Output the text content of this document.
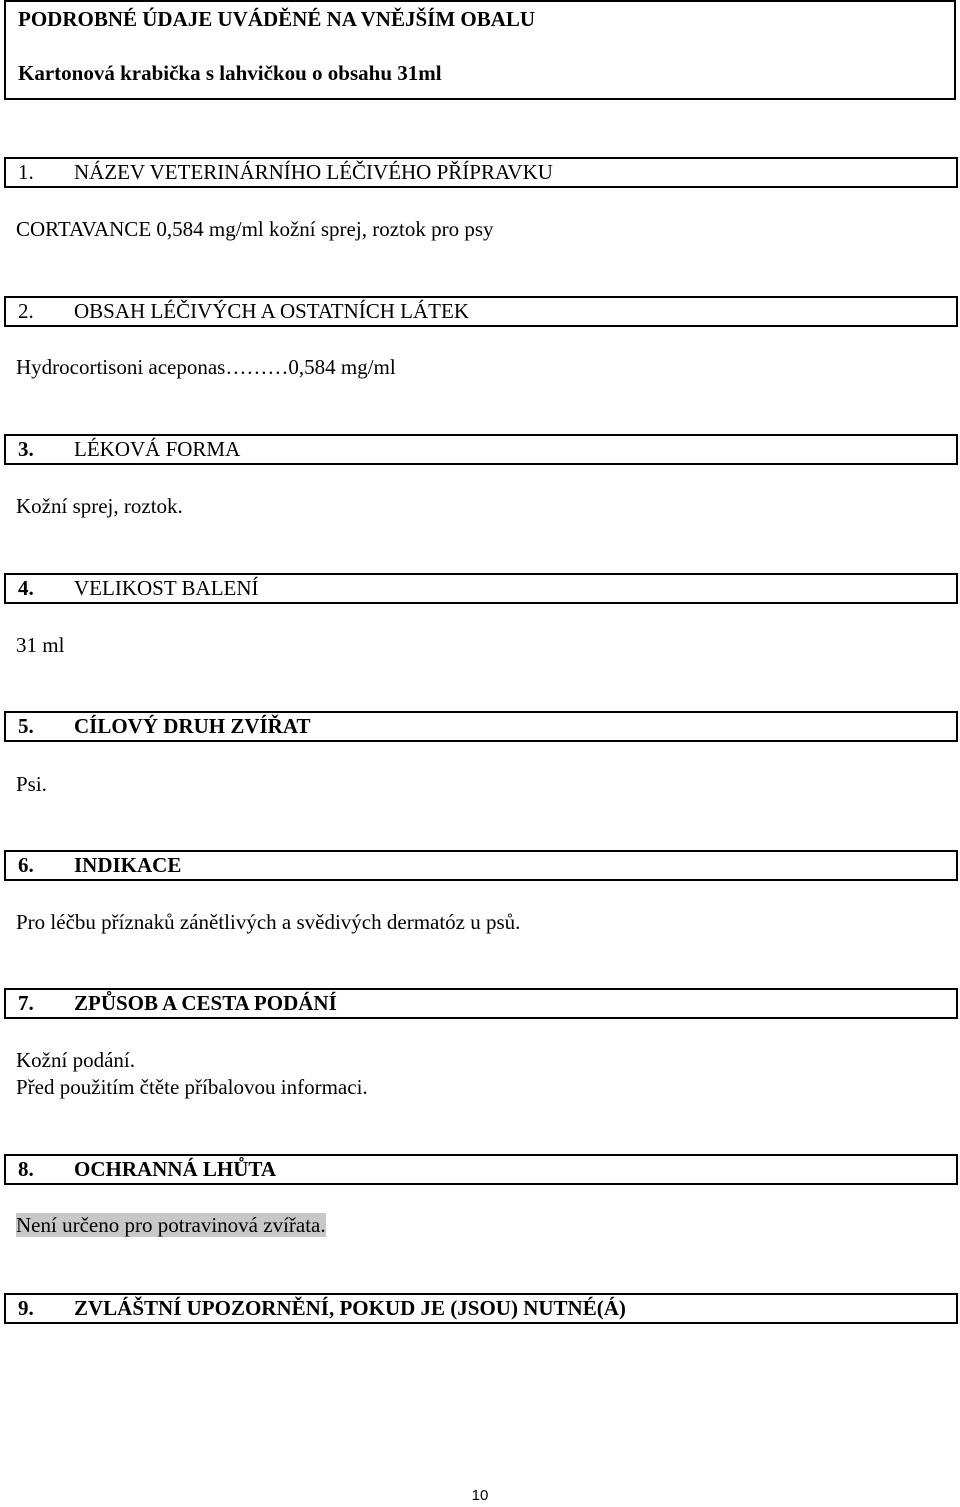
PODROBNÉ ÚDAJE UVÁDĚNÉ NA VNĚJŠÍM OBALU
Kartonová krabička s lahvičkou o obsahu 31ml
1. NÁZEV VETERINÁRNÍHO LÉČIVÉHO PŘÍPRAVKU
CORTAVANCE 0,584 mg/ml kožní sprej, roztok pro psy
2. OBSAH LÉČIVÝCH A OSTATNÍCH LÁTEK
Hydrocortisoni aceponas………0,584 mg/ml
3. LÉKOVÁ FORMA
Kožní sprej, roztok.
4. VELIKOST BALENÍ
31 ml
5. CÍLOVÝ DRUH ZVÍŘAT
Psi.
6. INDIKACE
Pro léčbu příznaků zánětlivých a svědivých dermatóz u psů.
7. ZPŮSOB A CESTA PODÁNÍ
Kožní podání.
Před použitím čtěte příbalovou informaci.
8. OCHRANNÁ LHŮTA
Není určeno pro potravinová zvířata.
9. ZVLÁŠTNÍ UPOZORNĚNÍ, POKUD JE (JSOU) NUTNÉ(Á)
10
